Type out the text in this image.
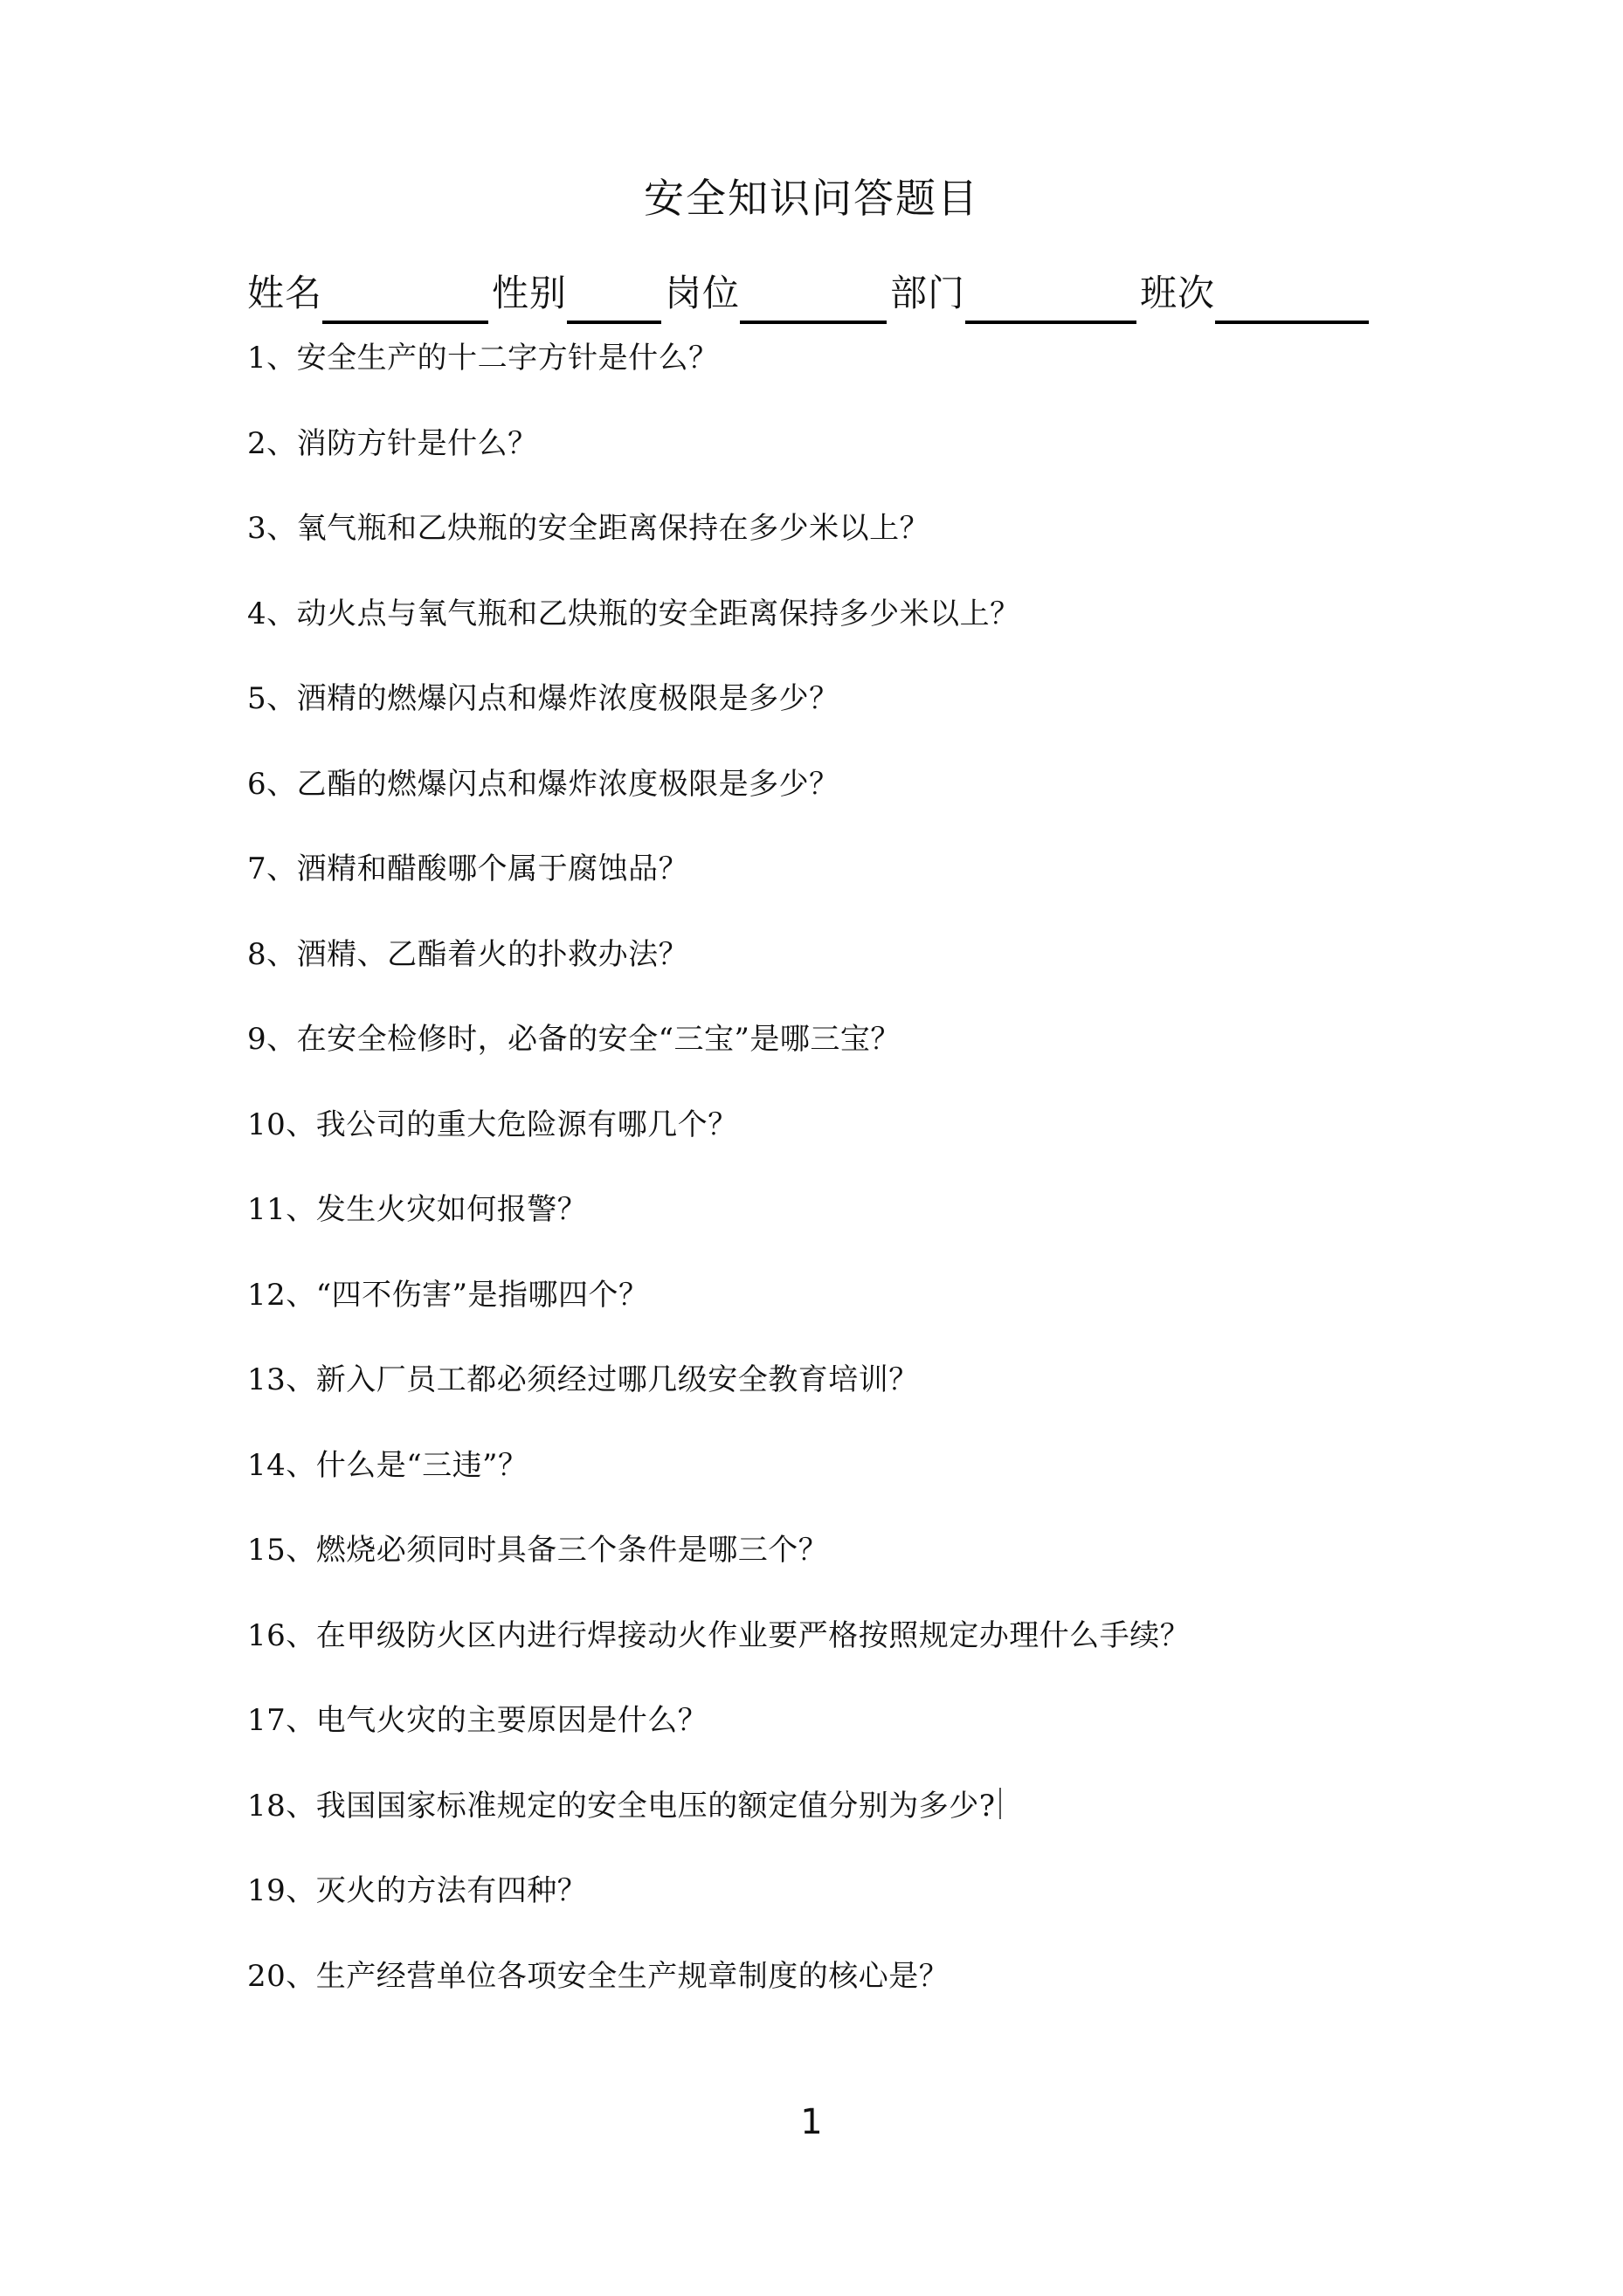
安全知识问答题目
姓名	性别	岗位	部门	班次
1、安全生产的十二字方针是什么？
2、消防方针是什么？
3、氧气瓶和乙炔瓶的安全距离保持在多少米以上？
4、动火点与氧气瓶和乙炔瓶的安全距离保持多少米以上？
5、酒精的燃爆闪点和爆炸浓度极限是多少？
6、乙酯的燃爆闪点和爆炸浓度极限是多少？
7、酒精和醋酸哪个属于腐蚀品？
8、酒精、乙酯着火的扑救办法？
9、在安全检修时，必备的安全“三宝”是哪三宝？
10、我公司的重大危险源有哪几个？
11、发生火灾如何报警？
12、“四不伤害”是指哪四个？
13、新入厂员工都必须经过哪几级安全教育培训？
14、什么是“三违”？
15、燃烧必须同时具备三个条件是哪三个？
16、在甲级防火区内进行焊接动火作业要严格按照规定办理什么手续？
17、电气火灾的主要原因是什么？
18、我国国家标准规定的安全电压的额定值分别为多少?
19、灭火的方法有四种？
20、生产经营单位各项安全生产规章制度的核心是？
1
